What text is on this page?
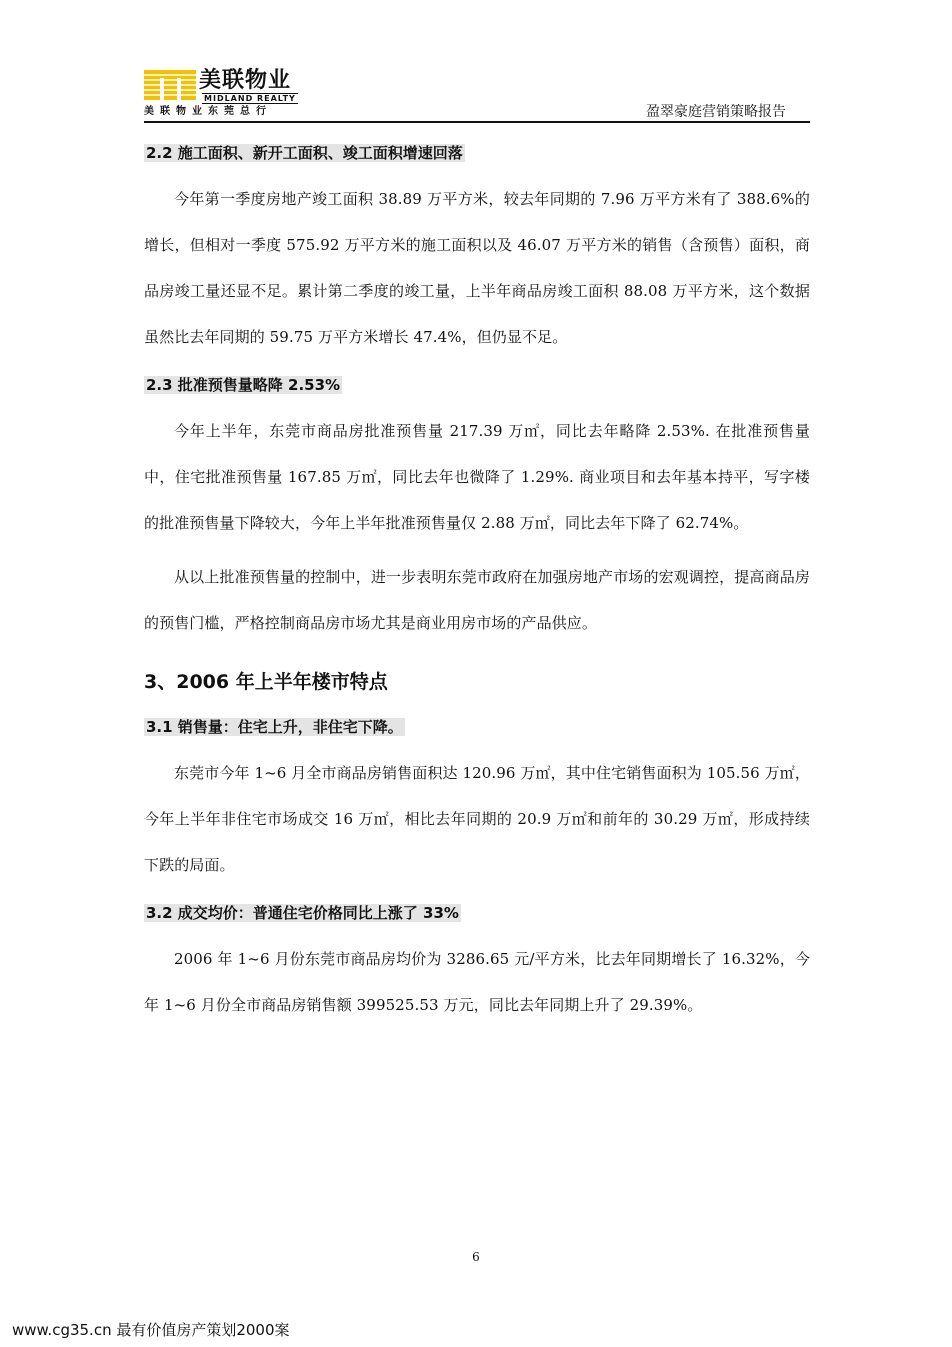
美联物业
MIDLAND REALTY
美联物业东莞总行	盈翠豪庭营销策略报告
2.2 施工面积、新开工面积、竣工面积增速回落

今年第一季度房地产竣工面积 38.89 万平方米，较去年同期的 7.96 万平方米有了 388.6%的增长，但相对一季度 575.92 万平方米的施工面积以及 46.07 万平方米的销售（含预售）面积，商品房竣工量还显不足。累计第二季度的竣工量，上半年商品房竣工面积 88.08 万平方米，这个数据虽然比去年同期的 59.75 万平方米增长 47.4%，但仍显不足。

2.3 批准预售量略降 2.53%

今年上半年，东莞市商品房批准预售量 217.39 万㎡，同比去年略降 2.53%. 在批准预售量中，住宅批准预售量 167.85 万㎡，同比去年也微降了 1.29%. 商业项目和去年基本持平，写字楼的批准预售量下降较大，今年上半年批准预售量仅 2.88 万㎡，同比去年下降了 62.74%。

从以上批准预售量的控制中，进一步表明东莞市政府在加强房地产市场的宏观调控，提高商品房的预售门槛，严格控制商品房市场尤其是商业用房市场的产品供应。

3、2006 年上半年楼市特点
3.1 销售量：住宅上升，非住宅下降。

东莞市今年 1~6 月全市商品房销售面积达 120.96 万㎡，其中住宅销售面积为 105.56 万㎡，今年上半年非住宅市场成交 16 万㎡，相比去年同期的 20.9 万㎡和前年的 30.29 万㎡，形成持续下跌的局面。

3.2 成交均价：普通住宅价格同比上涨了 33%

2006 年 1~6 月份东莞市商品房均价为 3286.65 元/平方米，比去年同期增长了 16.32%，今年 1~6 月份全市商品房销售额 399525.53 万元，同比去年同期上升了 29.39%。

6
www.cg35.cn 最有价值房产策划2000案
